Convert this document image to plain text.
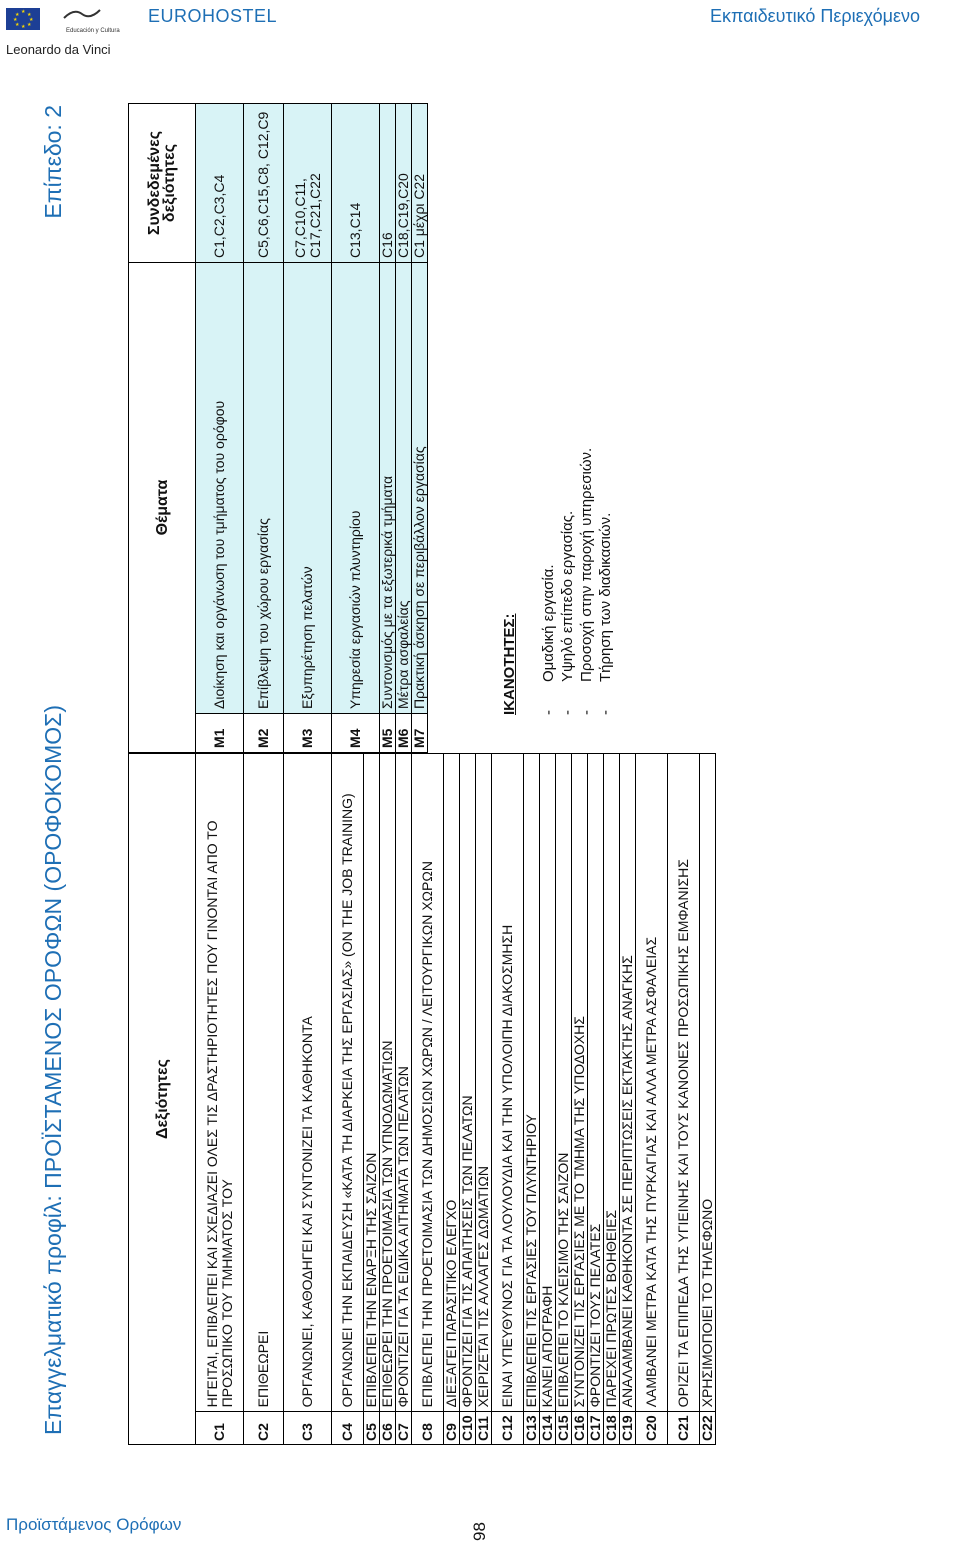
★
★ ★
★ ★
★ ★
★
Educación y Cultura
Leonardo da Vinci
EUROHOSTEL	Εκπαιδευτικό Περιεχόμενο
Προϊστάμενος Ορόφων	98
Επαγγελματικό προφίλ: ΠΡΟΪΣΤΑΜΕΝΟΣ ΟΡΟΦΩΝ (ΟΡΟΦΟΚΟΜΟΣ)
Επίπεδο: 2
Δεξιότητες	
C1	ΗΓΕΙΤΑΙ, ΕΠΙΒΛΕΠΕΙ ΚΑΙ ΣΧΕΔΙΑΖΕΙ ΟΛΕΣ ΤΙΣ ΔΡΑΣΤΗΡΙΟΤΗΤΕΣ ΠΟΥ ΓΙΝΟΝΤΑΙ ΑΠΟ ΤΟ ΠΡΟΣΩΠΙΚΟ ΤΟΥ ΤΜΗΜΑΤΟΣ ΤΟΥ
C2	ΕΠΙΘΕΩΡΕΙ
C3	ΟΡΓΑΝΩΝΕΙ, ΚΑΘΟΔΗΓΕΙ ΚΑΙ ΣΥΝΤΟΝΙΖΕΙ ΤΑ ΚΑΘΗΚΟΝΤΑ
C4	ΟΡΓΑΝΩΝΕΙ ΤΗΝ ΕΚΠΑΙΔΕΥΣΗ «ΚΑΤΑ ΤΗ ΔΙΑΡΚΕΙΑ ΤΗΣ ΕΡΓΑΣΙΑΣ» (ON THE JOB TRAINING)
C5	ΕΠΙΒΛΕΠΕΙ ΤΗΝ ΕΝΑΡΞΗ ΤΗΣ ΣΑΙΖΟΝ
C6	ΕΠΙΘΕΩΡΕΙ ΤΗΝ ΠΡΟΕΤΟΙΜΑΣΙΑ ΤΩΝ ΥΠΝΟΔΩΜΑΤΙΩΝ
C7	ΦΡΟΝΤΙΖΕΙ ΓΙΑ ΤΑ ΕΙΔΙΚΑ ΑΙΤΗΜΑΤΑ ΤΩΝ ΠΕΛΑΤΩΝ
C8	ΕΠΙΒΛΕΠΕΙ ΤΗΝ ΠΡΟΕΤΟΙΜΑΣΙΑ ΤΩΝ ΔΗΜΟΣΙΩΝ ΧΩΡΩΝ / ΛΕΙΤΟΥΡΓΙΚΩΝ ΧΩΡΩΝ
C9	ΔΙΕΞΑΓΕΙ ΠΑΡΑΣΙΤΙΚΟ ΕΛΕΓΧΟ
C10	ΦΡΟΝΤΙΖΕΙ ΓΙΑ ΤΙΣ ΑΠΑΙΤΗΣΕΙΣ ΤΩΝ ΠΕΛΑΤΩΝ
C11	ΧΕΙΡΙΖΕΤΑΙ ΤΙΣ ΑΛΛΑΓΕΣ ΔΩΜΑΤΙΩΝ
C12	ΕΙΝΑΙ ΥΠΕΥΘΥΝΟΣ ΓΙΑ ΤΑ ΛΟΥΛΟΥΔΙΑ ΚΑΙ ΤΗΝ ΥΠΟΛΟΙΠΗ ΔΙΑΚΟΣΜΗΣΗ
C13	ΕΠΙΒΛΕΠΕΙ ΤΙΣ ΕΡΓΑΣΙΕΣ ΤΟΥ ΠΛΥΝΤΗΡΙΟΥ
C14	ΚΑΝΕΙ ΑΠΟΓΡΑΦΗ
C15	ΕΠΙΒΛΕΠΕΙ ΤΟ ΚΛΕΙΣΙΜΟ ΤΗΣ ΣΑΙΖΟΝ
C16	ΣΥΝΤΟΝΙΖΕΙ ΤΙΣ ΕΡΓΑΣΙΕΣ ΜΕ ΤΟ ΤΜΗΜΑ ΤΗΣ ΥΠΟΔΟΧΗΣ
C17	ΦΡΟΝΤΙΖΕΙ ΤΟΥΣ ΠΕΛΑΤΕΣ
C18	ΠΑΡΕΧΕΙ ΠΡΩΤΕΣ ΒΟΗΘΕΙΕΣ
C19	ΑΝΑΛΑΜΒΑΝΕΙ ΚΑΘΗΚΟΝΤΑ ΣΕ ΠΕΡΙΠΤΩΣΕΙΣ ΕΚΤΑΚΤΗΣ ΑΝΑΓΚΗΣ
C20	ΛΑΜΒΑΝΕΙ ΜΕΤΡΑ ΚΑΤΑ ΤΗΣ ΠΥΡΚΑΓΙΑΣ ΚΑΙ ΑΛΛΑ ΜΕΤΡΑ ΑΣΦΑΛΕΙΑΣ
C21	ΟΡΙΖΕΙ ΤΑ ΕΠΙΠΕΔΑ ΤΗΣ ΥΓΙΕΙΝΗΣ ΚΑΙ ΤΟΥΣ ΚΑΝΟΝΕΣ ΠΡΟΣΩΠΙΚΗΣ ΕΜΦΑΝΙΣΗΣ
C22	ΧΡΗΣΙΜΟΠΟΙΕΙ ΤΟ ΤΗΛΕΦΩΝΟ
Θέματα		Συνδεδεμένες δεξιότητες
M1	Διοίκηση και οργάνωση του τμήματος του ορόφου	C1,C2,C3,C4
M2	Επίβλεψη του χώρου εργασίας	C5,C6,C15,C8, C12,C9
M3	Εξυπηρέτηση πελατών	C7,C10,C11, C17,C21,C22
M4	Υπηρεσία εργασιών πλυντηρίου	C13,C14
M5	Συντονισμός με τα εξωτερικά τμήματα	C16
M6	Μέτρα ασφαλείας	C18,C19,C20
M7	Πρακτική άσκηση σε περιβάλλον εργασίας	C1 μέχρι C22
ΙΚΑΝΟΤΗΤΕΣ: -
Ομαδική εργασία.
-
Υψηλό επίπεδο εργασίας.
-
Προσοχή στην παροχή υπηρεσιών.
-
Τήρηση των διαδικασιών.
